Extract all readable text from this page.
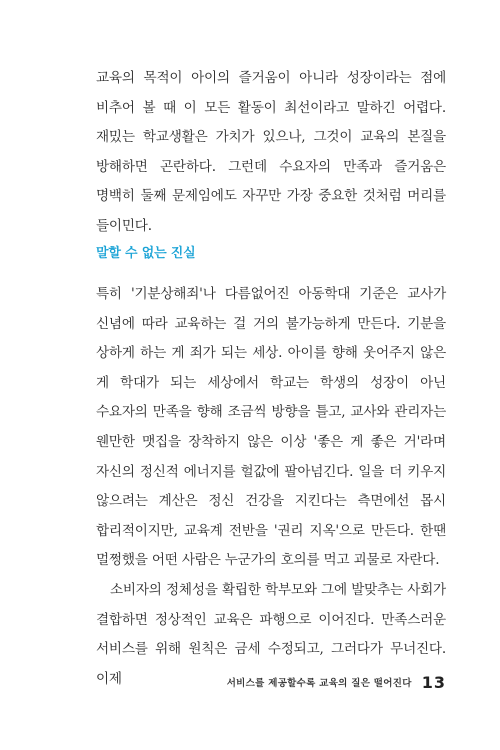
교육의 목적이 아이의 즐거움이 아니라 성장이라는 점에 비추어 볼 때 이 모든 활동이 최선이라고 말하긴 어렵다. 재밌는 학교생활은 가치가 있으나, 그것이 교육의 본질을 방해하면 곤란하다. 그런데 수요자의 만족과 즐거움은 명백히 둘째 문제임에도 자꾸만 가장 중요한 것처럼 머리를 들이민다.

말할 수 없는 진실

특히 '기분상해죄'나 다름없어진 아동학대 기준은 교사가 신념에 따라 교육하는 걸 거의 불가능하게 만든다. 기분을 상하게 하는 게 죄가 되는 세상. 아이를 향해 웃어주지 않은 게 학대가 되는 세상에서 학교는 학생의 성장이 아닌 수요자의 만족을 향해 조금씩 방향을 틀고, 교사와 관리자는 웬만한 맷집을 장착하지 않은 이상 '좋은 게 좋은 거'라며 자신의 정신적 에너지를 헐값에 팔아넘긴다. 일을 더 키우지 않으려는 계산은 정신 건강을 지킨다는 측면에선 몹시 합리적이지만, 교육계 전반을 '권리 지옥'으로 만든다. 한땐 멀쩡했을 어떤 사람은 누군가의 호의를 먹고 괴물로 자란다.

소비자의 정체성을 확립한 학부모와 그에 발맞추는 사회가 결합하면 정상적인 교육은 파행으로 이어진다. 만족스러운 서비스를 위해 원칙은 금세 수정되고, 그러다가 무너진다. 이제	서비스를 제공할수록 교육의 질은 떨어진다 13
